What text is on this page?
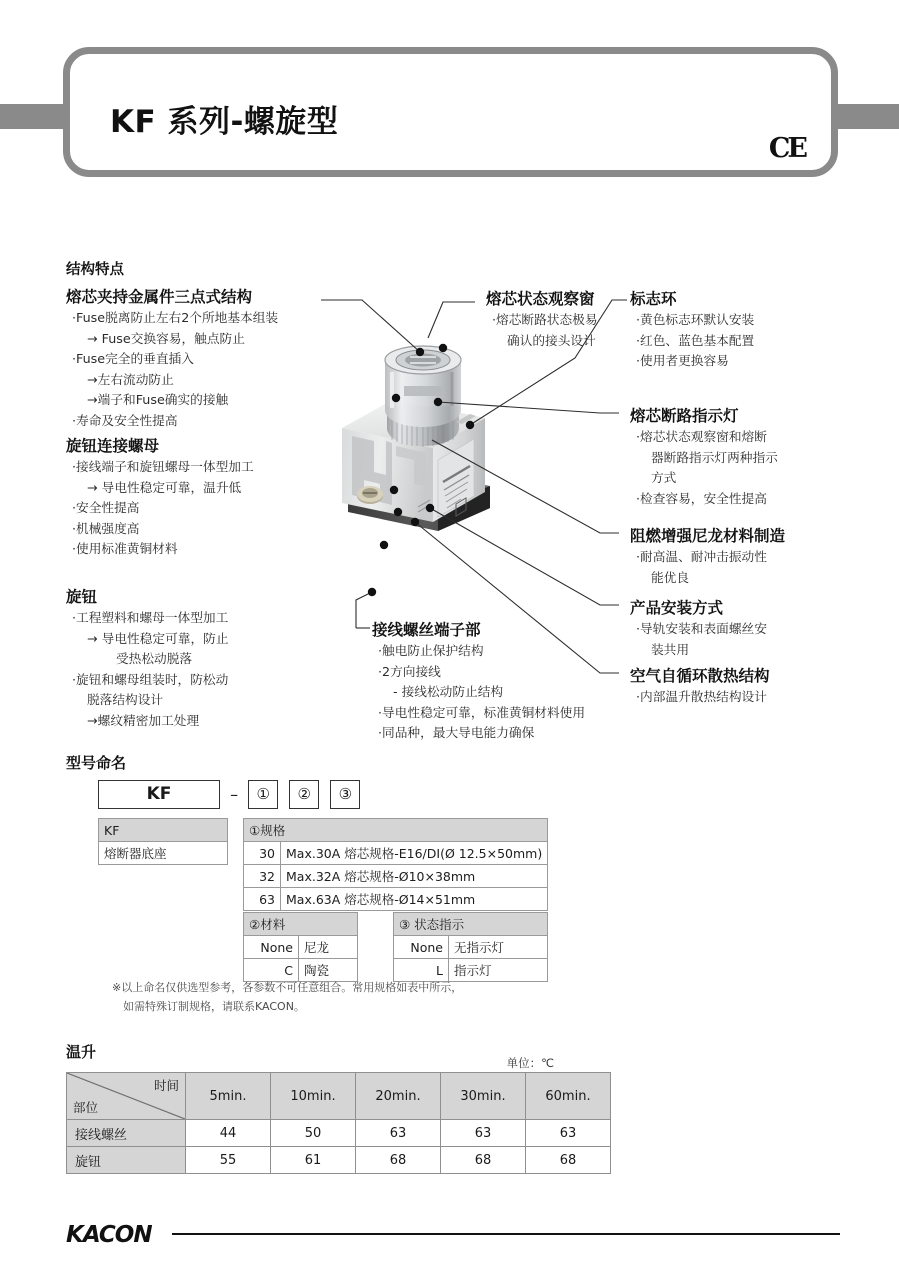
KF 系列-螺旋型
CE
结构特点
熔芯夹持金属件三点式结构
·Fuse脱离防止左右2个所地基本组装
→ Fuse交换容易，触点防止
·Fuse完全的垂直插入
→左右流动防止
→端子和Fuse确实的接触
·寿命及安全性提高
旋钮连接螺母
·接线端子和旋钮螺母一体型加工
→ 导电性稳定可靠，温升低
·安全性提高
·机械强度高
·使用标准黄铜材料
旋钮
·工程塑料和螺母一体型加工
→ 导电性稳定可靠，防止
受热松动脱落
·旋钮和螺母组装时，防松动
脱落结构设计
→螺纹精密加工处理
接线螺丝端子部
·触电防止保护结构
·2方向接线
- 接线松动防止结构
·导电性稳定可靠，标准黄铜材料使用
·同品种，最大导电能力确保
熔芯状态观察窗
·熔芯断路状态极易
确认的接头设计
标志环
·黄色标志环默认安装
·红色、蓝色基本配置
·使用者更换容易
熔芯断路指示灯
·熔芯状态观察窗和熔断
器断路指示灯两种指示
方式
·检查容易，安全性提高
阻燃增强尼龙材料制造
·耐高温、耐冲击振动性
能优良
产品安装方式
·导轨安装和表面螺丝安
装共用
空气自循环散热结构
·内部温升散热结构设计
型号命名
KF	– ① ② ③
KF
熔断器底座
①规格	
30	Max.30A 熔芯规格-E16/DI(Ø 12.5×50mm)
32	Max.32A 熔芯规格-Ø10×38mm
63	Max.63A 熔芯规格-Ø14×51mm
②材料	
None	尼龙
C	陶瓷
③ 状态指示	
None	无指示灯
L	指示灯
※以上命名仅供选型参考，各参数不可任意组合。常用规格如表中所示，
如需特殊订制规格，请联系KACON。
温升
单位：℃
时间
部位	5min.	10min.	20min.	30min.	60min.
接线螺丝	44	50	63	63	63
旋钮	55	61	68	68	68
KACON
